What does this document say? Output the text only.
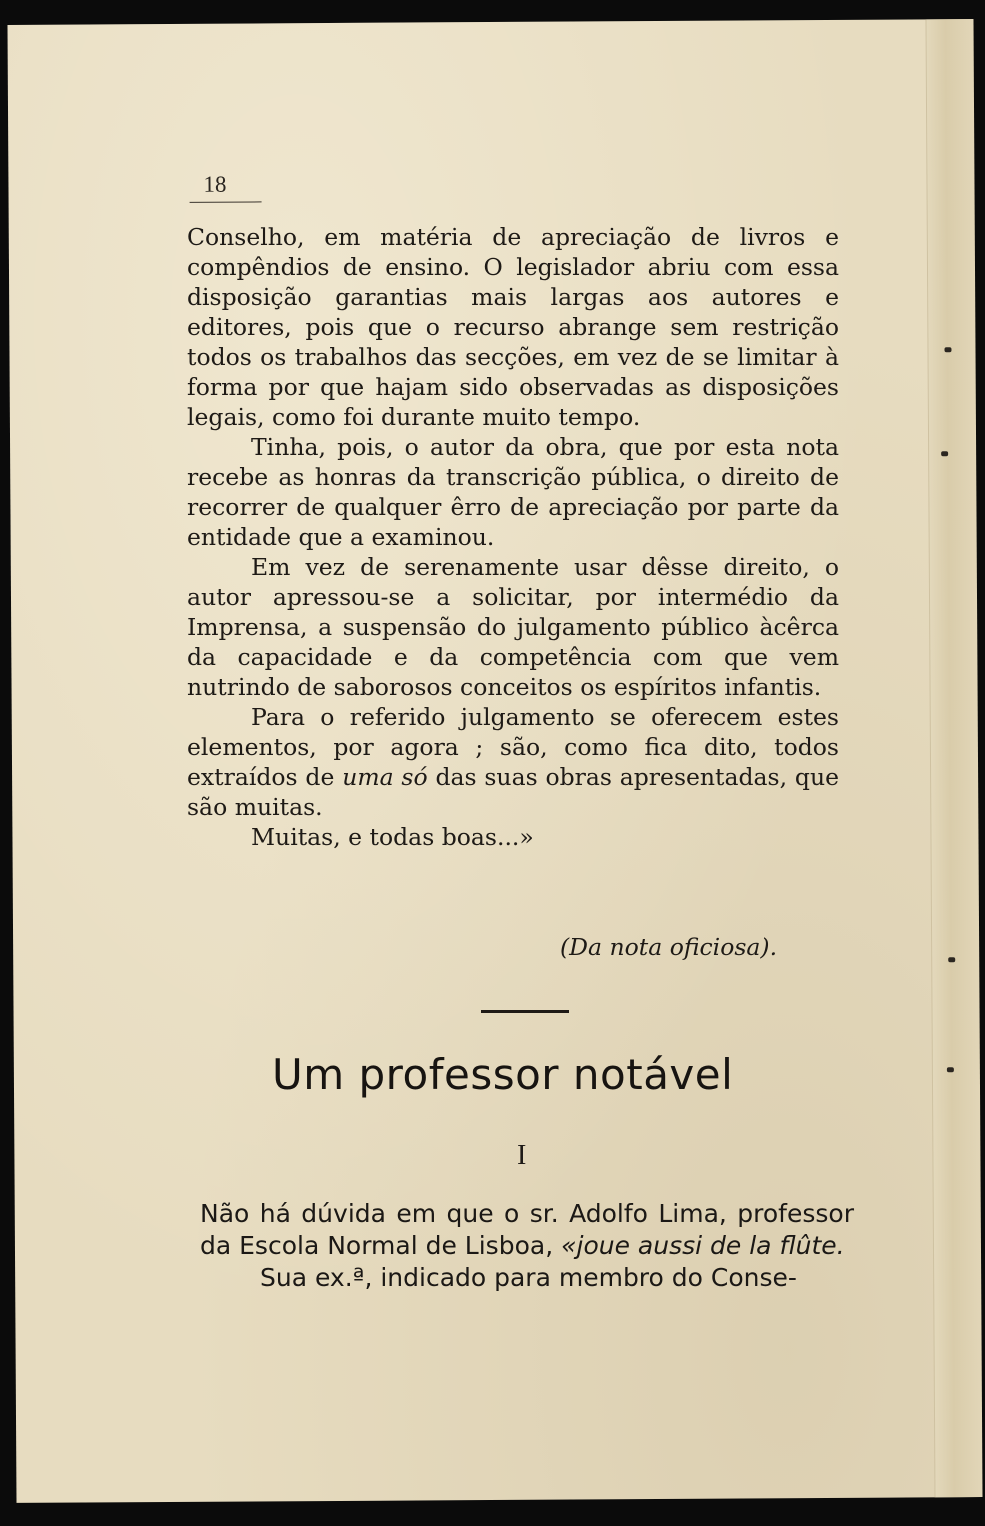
18

Conselho, em matéria de apreciação de livros e compêndios de ensino. O legislador abriu com essa disposição garantias mais largas aos autores e editores, pois que o recurso abrange sem restrição todos os trabalhos das secções, em vez de se limitar à forma por que hajam sido observadas as disposições legais, como foi durante muito tempo.

Tinha, pois, o autor da obra, que por esta nota recebe as honras da transcrição pública, o direito de recorrer de qualquer êrro de apreciação por parte da entidade que a examinou.

Em vez de serenamente usar dêsse direito, o autor apressou-se a solicitar, por intermédio da Imprensa, a suspensão do julgamento público àcêrca da capacidade e da competência com que vem nutrindo de saborosos conceitos os espíritos infantis.

Para o referido julgamento se oferecem estes elementos, por agora ; são, como fica dito, todos extraídos de uma só das suas obras apresentadas, que são muitas.

Muitas, e todas boas...»

(Da nota oficiosa).
Um professor notável
I

Não há dúvida em que o sr. Adolfo Lima, professor da Escola Normal de Lisboa, «joue aussi de la flûte.

Sua ex.ª, indicado para membro do Conse-
